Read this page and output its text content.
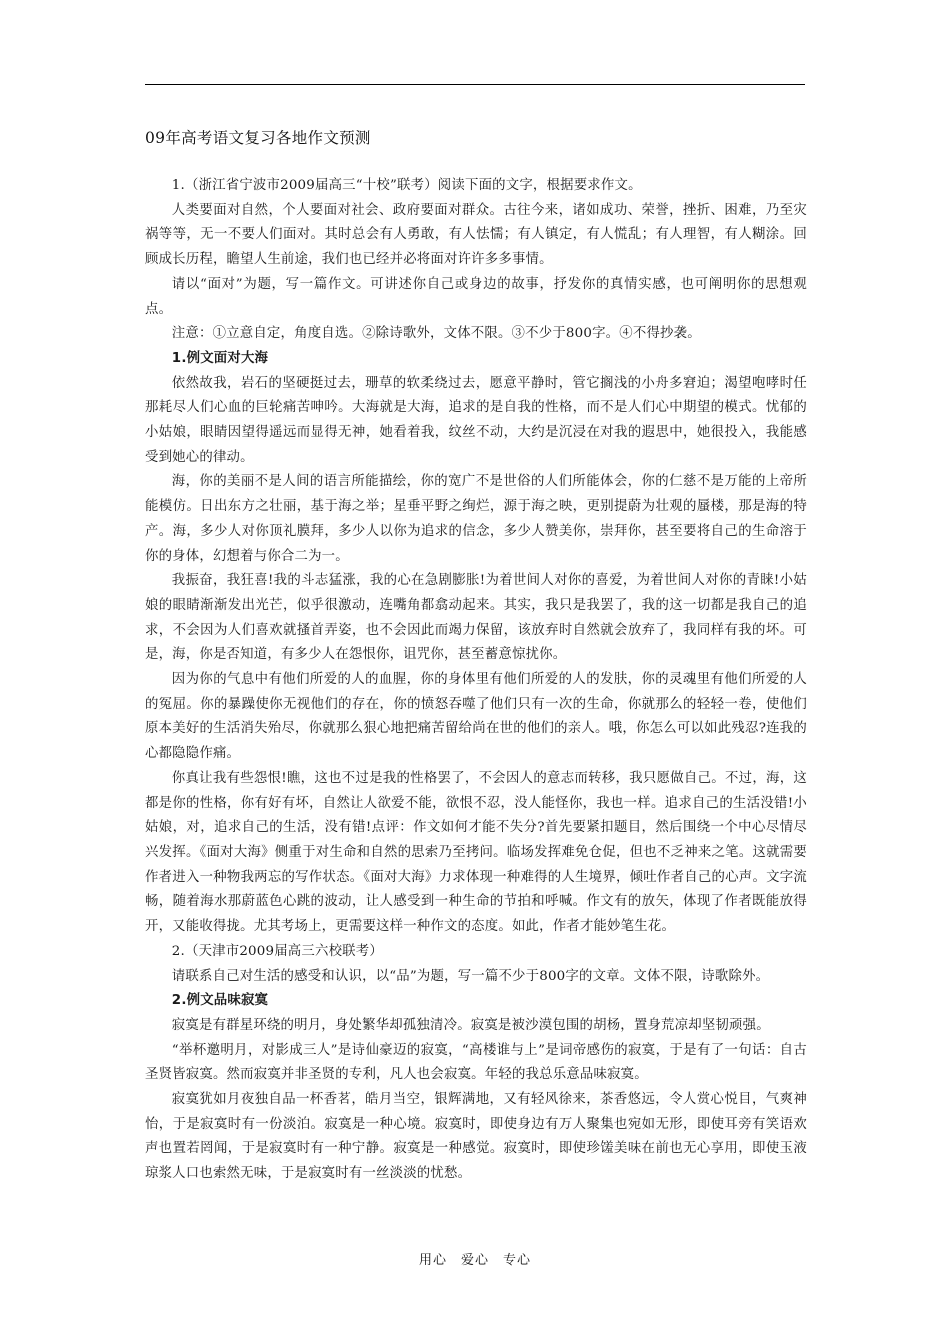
09年高考语文复习各地作文预测

1.（浙江省宁波市2009届高三“十校”联考）阅读下面的文字，根据要求作文。

人类要面对自然，个人要面对社会、政府要面对群众。古往今来，诸如成功、荣誉，挫折、困难，乃至灾祸等等，无一不要人们面对。其时总会有人勇敢，有人怯懦；有人镇定，有人慌乱；有人理智，有人糊涂。回顾成长历程，瞻望人生前途，我们也已经并必将面对许许多多事情。

请以“面对”为题，写一篇作文。可讲述你自己或身边的故事，抒发你的真情实感，也可阐明你的思想观点。

注意：①立意自定，角度自选。②除诗歌外，文体不限。③不少于800字。④不得抄袭。

1.例文面对大海

依然故我，岩石的坚硬挺过去，珊草的软柔绕过去，愿意平静时，管它搁浅的小舟多窘迫；渴望咆哮时任那耗尽人们心血的巨轮痛苦呻吟。大海就是大海，追求的是自我的性格，而不是人们心中期望的模式。忧郁的小姑娘，眼睛因望得遥远而显得无神，她看着我，纹丝不动，大约是沉浸在对我的遐思中，她很投入，我能感受到她心的律动。

海，你的美丽不是人间的语言所能描绘，你的宽广不是世俗的人们所能体会，你的仁慈不是万能的上帝所能模仿。日出东方之壮丽，基于海之举；星垂平野之绚烂，源于海之映，更别提蔚为壮观的蜃楼，那是海的特产。海，多少人对你顶礼膜拜，多少人以你为追求的信念，多少人赞美你，崇拜你，甚至要将自己的生命溶于你的身体，幻想着与你合二为一。

我振奋，我狂喜!我的斗志猛涨，我的心在急剧膨胀!为着世间人对你的喜爱，为着世间人对你的青睐!小姑娘的眼睛渐渐发出光芒，似乎很激动，连嘴角都翕动起来。其实，我只是我罢了，我的这一切都是我自己的追求，不会因为人们喜欢就搔首弄姿，也不会因此而竭力保留，该放弃时自然就会放弃了，我同样有我的坏。可是，海，你是否知道，有多少人在怨恨你，诅咒你，甚至蓄意惊扰你。

因为你的气息中有他们所爱的人的血腥，你的身体里有他们所爱的人的发肤，你的灵魂里有他们所爱的人的冤屈。你的暴躁使你无视他们的存在，你的愤怒吞噬了他们只有一次的生命，你就那么的轻轻一卷，使他们原本美好的生活消失殆尽，你就那么狠心地把痛苦留给尚在世的他们的亲人。哦，你怎么可以如此残忍?连我的心都隐隐作痛。

你真让我有些怨恨!瞧，这也不过是我的性格罢了，不会因人的意志而转移，我只愿做自己。不过，海，这都是你的性格，你有好有坏，自然让人欲爱不能，欲恨不忍，没人能怪你，我也一样。追求自己的生活没错!小姑娘，对，追求自己的生活，没有错!点评：作文如何才能不失分?首先要紧扣题目，然后围绕一个中心尽情尽兴发挥。《面对大海》侧重于对生命和自然的思索乃至拷问。临场发挥难免仓促，但也不乏神来之笔。这就需要作者进入一种物我两忘的写作状态。《面对大海》力求体现一种难得的人生境界，倾吐作者自己的心声。文字流畅，随着海水那蔚蓝色心跳的波动，让人感受到一种生命的节拍和呼喊。作文有的放矢，体现了作者既能放得开，又能收得拢。尤其考场上，更需要这样一种作文的态度。如此，作者才能妙笔生花。

2.（天津市2009届高三六校联考）

请联系自己对生活的感受和认识，以“品”为题，写一篇不少于800字的文章。文体不限，诗歌除外。

2.例文品味寂寞

寂寞是有群星环绕的明月，身处繁华却孤独清冷。寂寞是被沙漠包围的胡杨，置身荒凉却坚韧顽强。

“举杯邀明月，对影成三人”是诗仙豪迈的寂寞，“高楼谁与上”是词帝感伤的寂寞，于是有了一句话：自古圣贤皆寂寞。然而寂寞并非圣贤的专利，凡人也会寂寞。年轻的我总乐意品味寂寞。

寂寞犹如月夜独自品一杯香茗，皓月当空，银辉满地，又有轻风徐来，茶香悠远，令人赏心悦目，气爽神怡，于是寂寞时有一份淡泊。寂寞是一种心境。寂寞时，即使身边有万人聚集也宛如无形，即使耳旁有笑语欢声也置若罔闻，于是寂寞时有一种宁静。寂寞是一种感觉。寂寞时，即使珍馐美味在前也无心享用，即使玉液琼浆人口也索然无味，于是寂寞时有一丝淡淡的忧愁。

用心　爱心　专心
